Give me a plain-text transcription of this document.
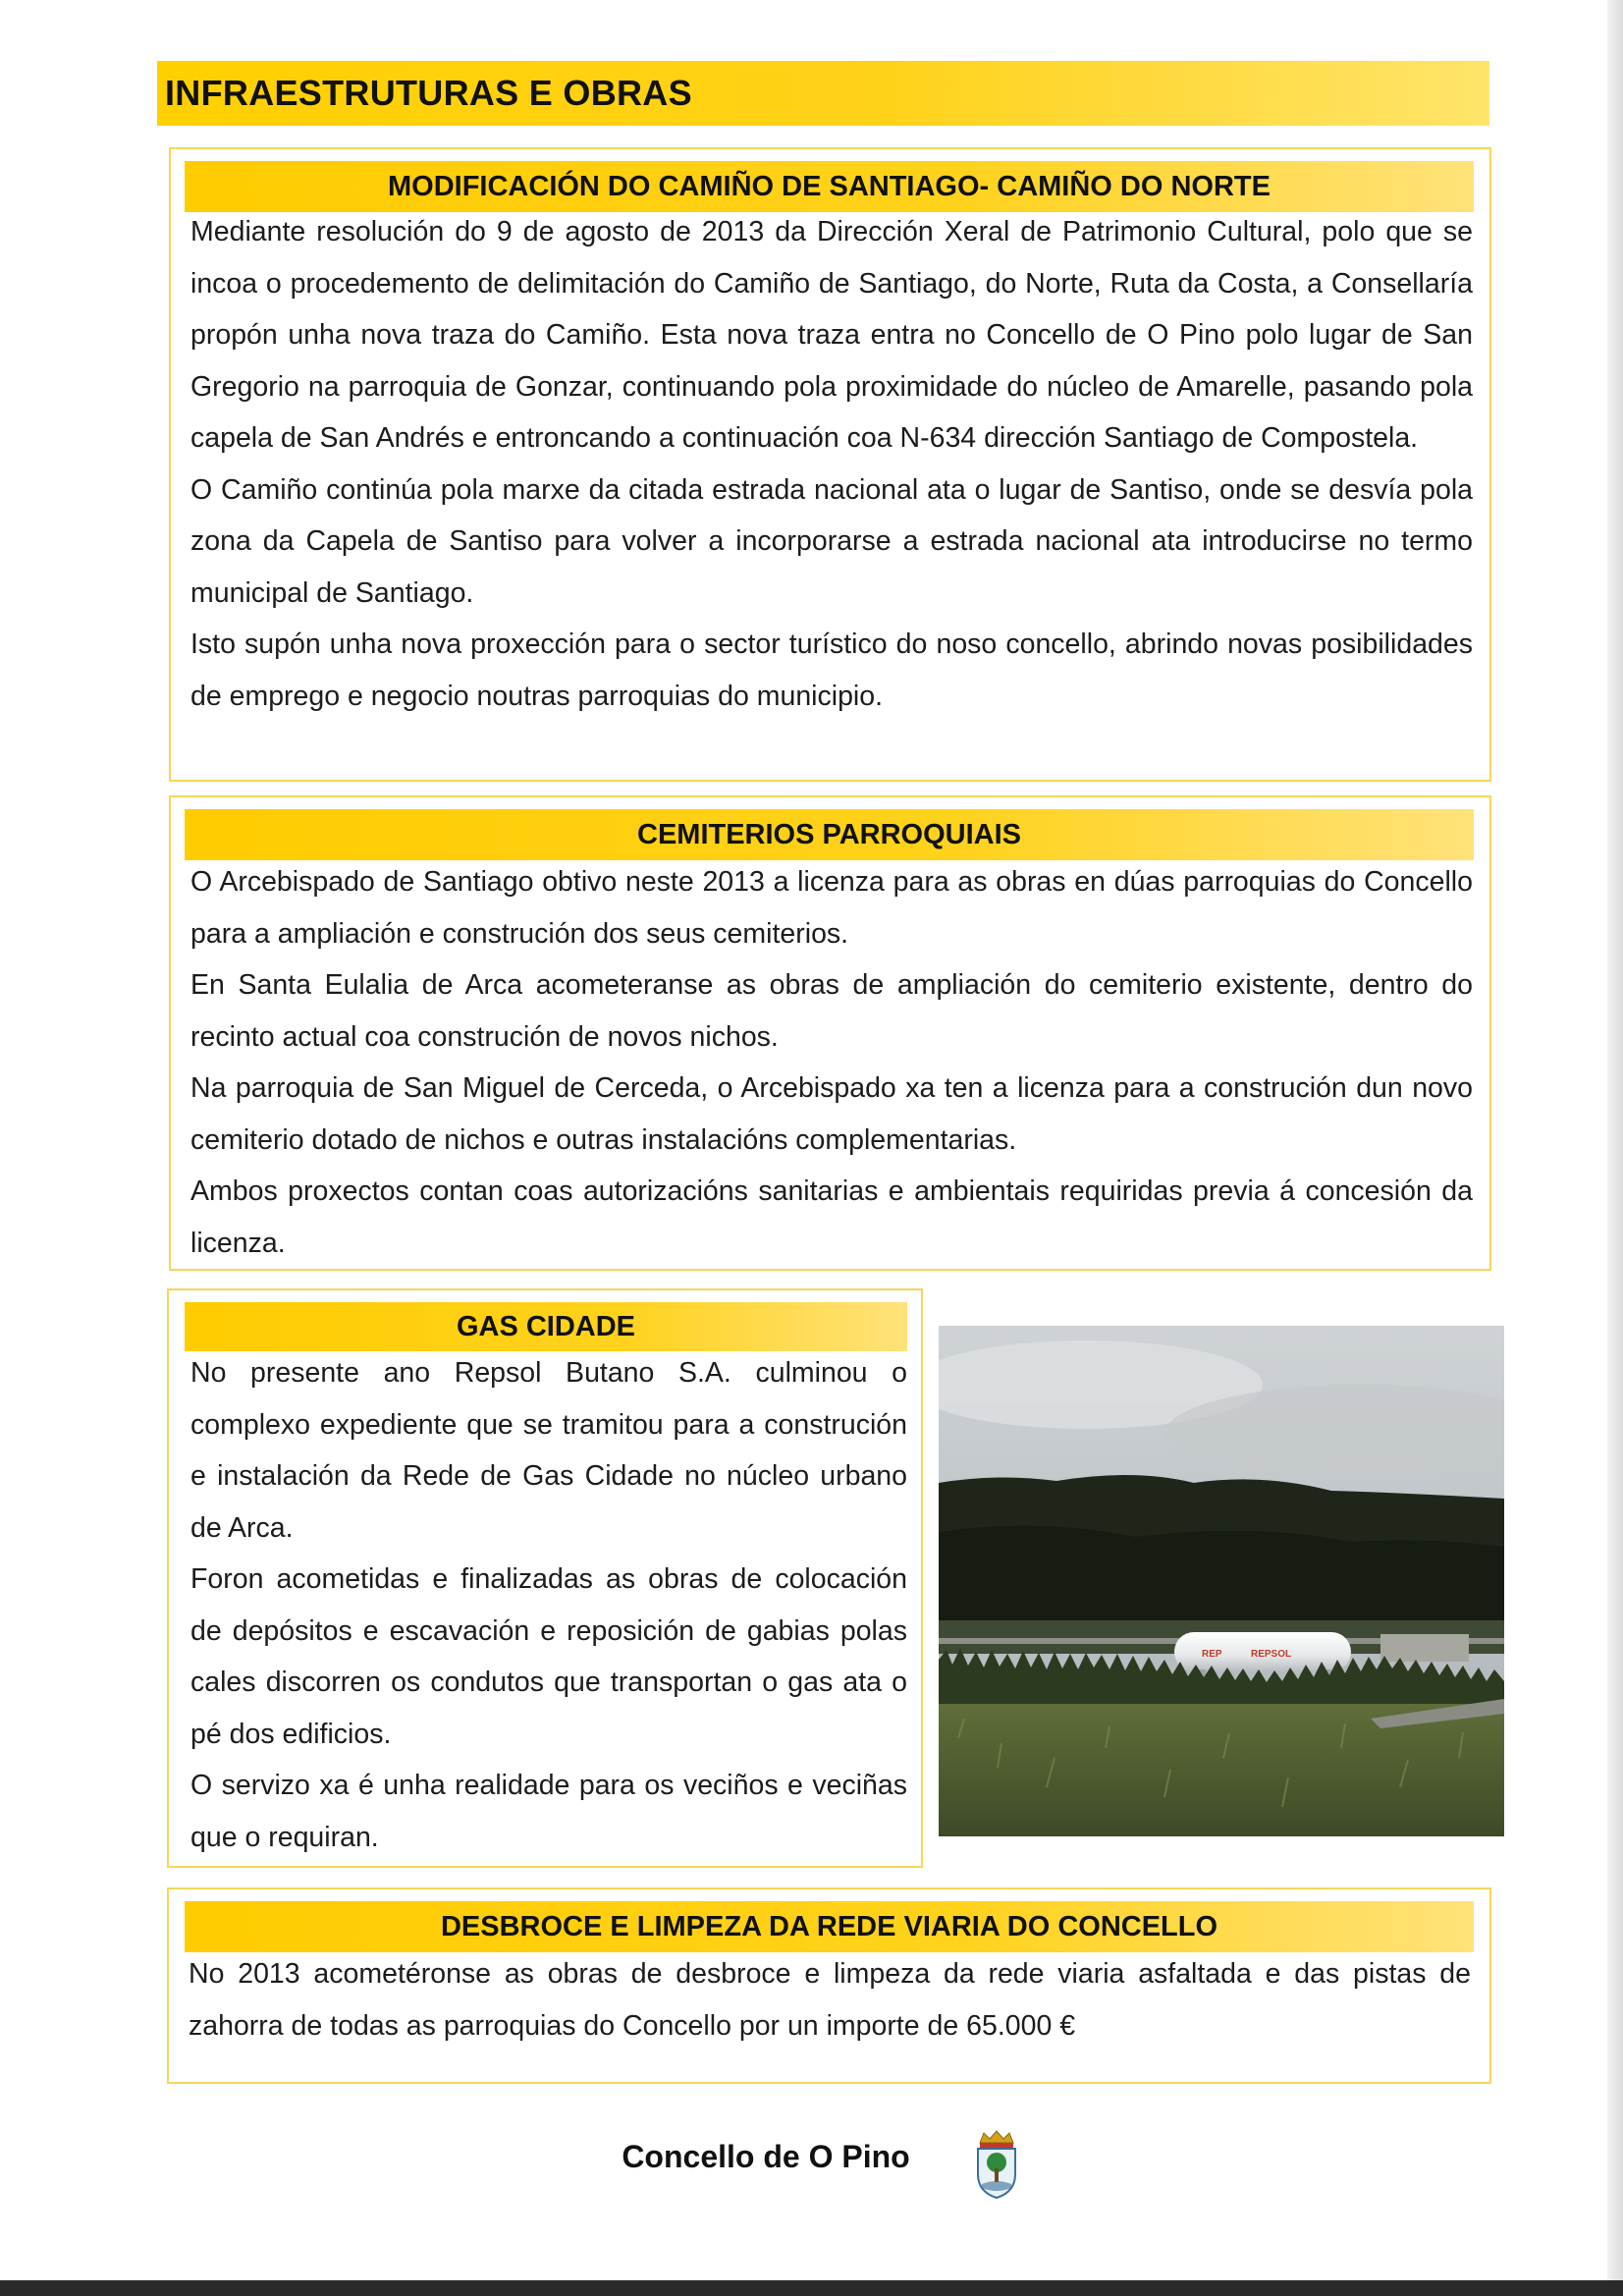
INFRAESTRUTURAS E OBRAS
MODIFICACIÓN DO CAMIÑO DE SANTIAGO- CAMIÑO DO NORTE

Mediante resolución do 9 de agosto de 2013 da Dirección Xeral de Patrimonio Cultural, polo que se incoa o procedemento de delimitación do Camiño de Santiago, do Norte, Ruta da Costa, a Consellaría propón unha nova traza do Camiño. Esta nova traza entra no Concello de O Pino polo lugar de San Gregorio na parroquia de Gonzar, continuando pola proximidade do núcleo de Amarelle, pasando pola capela de San Andrés e entroncando a continuación coa N-634 dirección Santiago de Compostela.

O Camiño continúa pola marxe da citada estrada nacional ata o lugar de Santiso, onde se desvía pola zona da Capela de Santiso para volver a incorporarse a estrada nacional ata introducirse no termo municipal de Santiago.

Isto supón unha nova proxección para o sector turístico do noso concello, abrindo novas posibilidades de emprego e negocio noutras parroquias do municipio.

CEMITERIOS PARROQUIAIS

O Arcebispado de Santiago obtivo neste 2013 a licenza para as obras en dúas parroquias do Concello para a ampliación e construción dos seus cemiterios.

En Santa Eulalia de Arca acometeranse as obras de ampliación do cemiterio existente, dentro do recinto actual coa construción de novos nichos.

Na parroquia de San Miguel de Cerceda, o Arcebispado xa ten a licenza para a construción dun novo cemiterio dotado de nichos e outras instalacións complementarias.

Ambos proxectos contan coas autorizacións sanitarias e ambientais requiridas previa á concesión da licenza.

GAS CIDADE

No presente ano Repsol Butano S.A. culminou o complexo expediente que se tramitou para a construción e instalación da Rede de Gas Cidade no núcleo urbano de Arca.

Foron acometidas e finalizadas as obras de colocación de depósitos e escavación e reposición de gabias polas cales discorren os condutos que transportan o gas ata o pé dos edificios.

O servizo xa é unha realidade para os veciños e veciñas que o requiran.

REP	REPSOL
DESBROCE E LIMPEZA DA REDE VIARIA DO CONCELLO

No 2013 acometéronse as obras de desbroce e limpeza da rede viaria asfaltada e das pistas de zahorra de todas as parroquias do Concello por un importe de 65.000 €

Concello de O Pino
